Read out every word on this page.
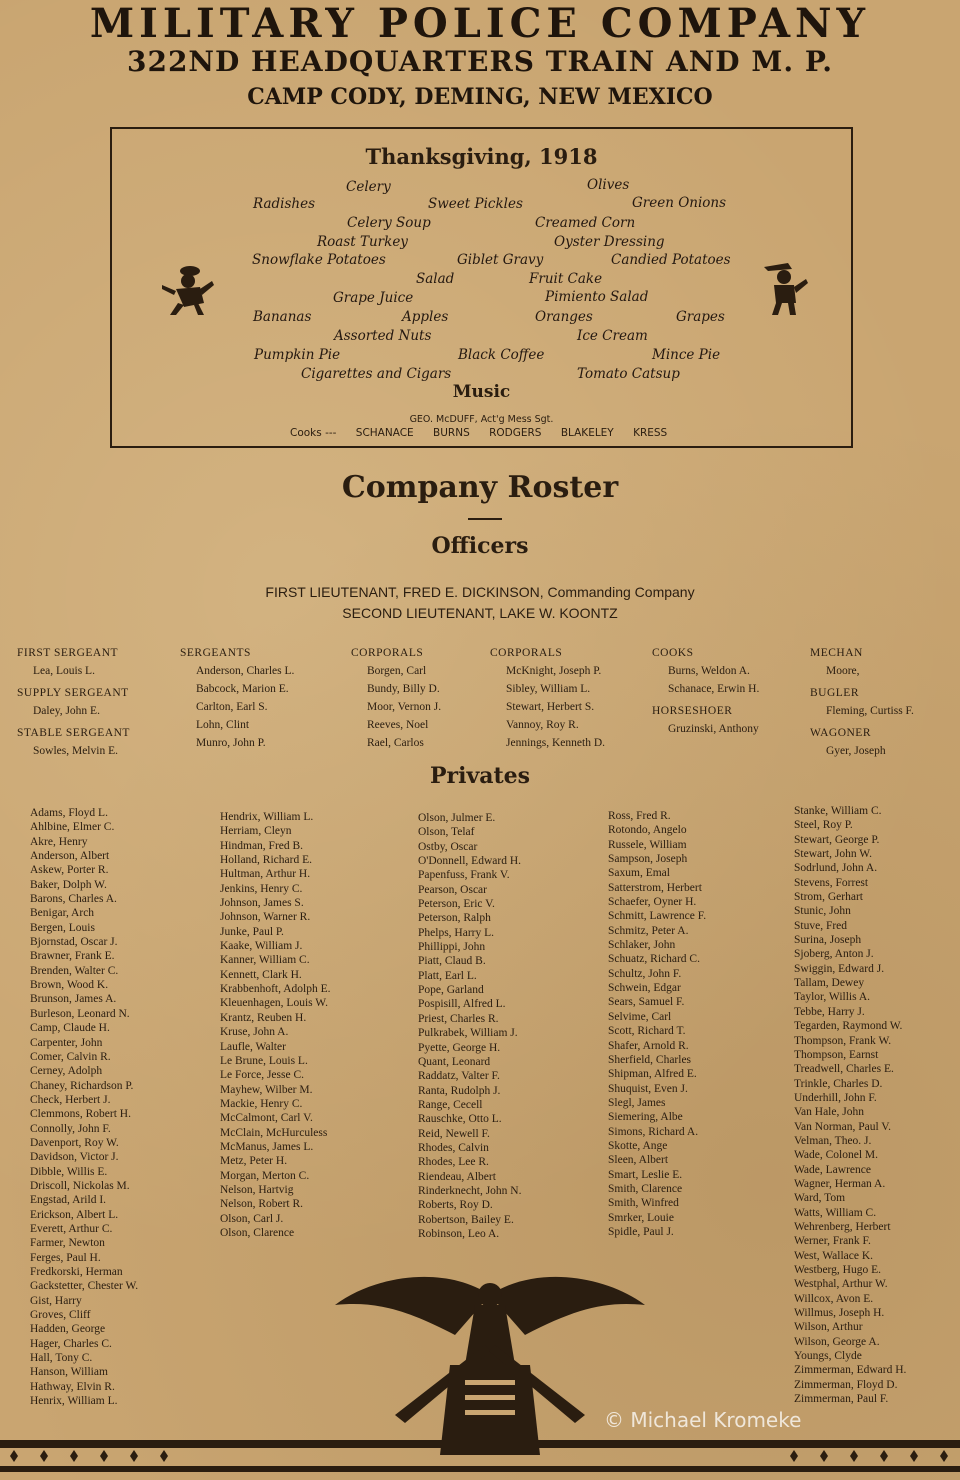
MILITARY POLICE COMPANY
322ND HEADQUARTERS TRAIN AND M. P.
CAMP CODY, DEMING, NEW MEXICO
Thanksgiving, 1918
Celery	Olives
Radishes	Sweet Pickles	Green Onions
Celery Soup	Creamed Corn
Roast Turkey	Oyster Dressing
Snowflake Potatoes	Giblet Gravy	Candied Potatoes
Salad	Fruit Cake
Grape Juice	Pimiento Salad
Bananas	Apples	Oranges	Grapes
Assorted Nuts	Ice Cream
Pumpkin Pie	Black Coffee	Mince Pie
Cigarettes and Cigars	Tomato Catsup
Music
GEO. McDUFF, Act'g Mess Sgt.
Cooks --- SCHANACE BURNS RODGERS BLAKELEY KRESS
Company Roster
Officers
FIRST LIEUTENANT, FRED E. DICKINSON, Commanding Company
SECOND LIEUTENANT, LAKE W. KOONTZ
FIRST SERGEANT
Lea, Louis L.
SUPPLY SERGEANT
Daley, John E.
STABLE SERGEANT
Sowles, Melvin E.
SERGEANTS
Anderson, Charles L.
Babcock, Marion E.
Carlton, Earl S.
Lohn, Clint
Munro, John P.
CORPORALS
Borgen, Carl
Bundy, Billy D.
Moor, Vernon J.
Reeves, Noel
Rael, Carlos
CORPORALS
McKnight, Joseph P.
Sibley, William L.
Stewart, Herbert S.
Vannoy, Roy R.
Jennings, Kenneth D.
COOKS
Burns, Weldon A.
Schanace, Erwin H.
HORSESHOER
Gruzinski, Anthony
MECHAN
Moore,
BUGLER
Fleming, Curtiss F.
WAGONER
Gyer, Joseph
Privates
Adams, Floyd L.
Ahlbine, Elmer C.
Akre, Henry
Anderson, Albert
Askew, Porter R.
Baker, Dolph W.
Barons, Charles A.
Benigar, Arch
Bergen, Louis
Bjornstad, Oscar J.
Brawner, Frank E.
Brenden, Walter C.
Brown, Wood K.
Brunson, James A.
Burleson, Leonard N.
Camp, Claude H.
Carpenter, John
Comer, Calvin R.
Cerney, Adolph
Chaney, Richardson P.
Check, Herbert J.
Clemmons, Robert H.
Connolly, John F.
Davenport, Roy W.
Davidson, Victor J.
Dibble, Willis E.
Driscoll, Nickolas M.
Engstad, Arild I.
Erickson, Albert L.
Everett, Arthur C.
Farmer, Newton
Ferges, Paul H.
Fredkorski, Herman
Gackstetter, Chester W.
Gist, Harry
Groves, Cliff
Hadden, George
Hager, Charles C.
Hall, Tony C.
Hanson, William
Hathway, Elvin R.
Henrix, William L.
Hendrix, William L.
Herriam, Cleyn
Hindman, Fred B.
Holland, Richard E.
Hultman, Arthur H.
Jenkins, Henry C.
Johnson, James S.
Johnson, Warner R.
Junke, Paul P.
Kaake, William J.
Kanner, William C.
Kennett, Clark H.
Krabbenhoft, Adolph E.
Kleuenhagen, Louis W.
Krantz, Reuben H.
Kruse, John A.
Laufle, Walter
Le Brune, Louis L.
Le Force, Jesse C.
Mayhew, Wilber M.
Mackie, Henry C.
McCalmont, Carl V.
McClain, McHurculess
McManus, James L.
Metz, Peter H.
Morgan, Merton C.
Nelson, Hartvig
Nelson, Robert R.
Olson, Carl J.
Olson, Clarence
Olson, Julmer E.
Olson, Telaf
Ostby, Oscar
O'Donnell, Edward H.
Papenfuss, Frank V.
Pearson, Oscar
Peterson, Eric V.
Peterson, Ralph
Phelps, Harry L.
Phillippi, John
Piatt, Claud B.
Platt, Earl L.
Pope, Garland
Pospisill, Alfred L.
Priest, Charles R.
Pulkrabek, William J.
Pyette, George H.
Quant, Leonard
Raddatz, Valter F.
Ranta, Rudolph J.
Range, Cecell
Rauschke, Otto L.
Reid, Newell F.
Rhodes, Calvin
Rhodes, Lee R.
Riendeau, Albert
Rinderknecht, John N.
Roberts, Roy D.
Robertson, Bailey E.
Robinson, Leo A.
Ross, Fred R.
Rotondo, Angelo
Russele, William
Sampson, Joseph
Saxum, Emal
Satterstrom, Herbert
Schaefer, Oyner H.
Schmitt, Lawrence F.
Schmitz, Peter A.
Schlaker, John
Schuatz, Richard C.
Schultz, John F.
Schwein, Edgar
Sears, Samuel F.
Selvime, Carl
Scott, Richard T.
Shafer, Arnold R.
Sherfield, Charles
Shipman, Alfred E.
Shuquist, Even J.
Slegl, James
Siemering, Albe
Simons, Richard A.
Skotte, Ange
Sleen, Albert
Smart, Leslie E.
Smith, Clarence
Smith, Winfred
Smrker, Louie
Spidle, Paul J.
Stanke, William C.
Steel, Roy P.
Stewart, George P.
Stewart, John W.
Sodrlund, John A.
Stevens, Forrest
Strom, Gerhart
Stunic, John
Stuve, Fred
Surina, Joseph
Sjoberg, Anton J.
Swiggin, Edward J.
Tallam, Dewey
Taylor, Willis A.
Tebbe, Harry J.
Tegarden, Raymond W.
Thompson, Frank W.
Thompson, Earnst
Treadwell, Charles E.
Trinkle, Charles D.
Underhill, John F.
Van Hale, John
Van Norman, Paul V.
Velman, Theo. J.
Wade, Colonel M.
Wade, Lawrence
Wagner, Herman A.
Ward, Tom
Watts, William C.
Wehrenberg, Herbert
Werner, Frank F.
West, Wallace K.
Westberg, Hugo E.
Westphal, Arthur W.
Willcox, Avon E.
Willmus, Joseph H.
Wilson, Arthur
Wilson, George A.
Youngs, Clyde
Zimmerman, Edward H.
Zimmerman, Floyd D.
Zimmerman, Paul F.
© Michael Kromeke
